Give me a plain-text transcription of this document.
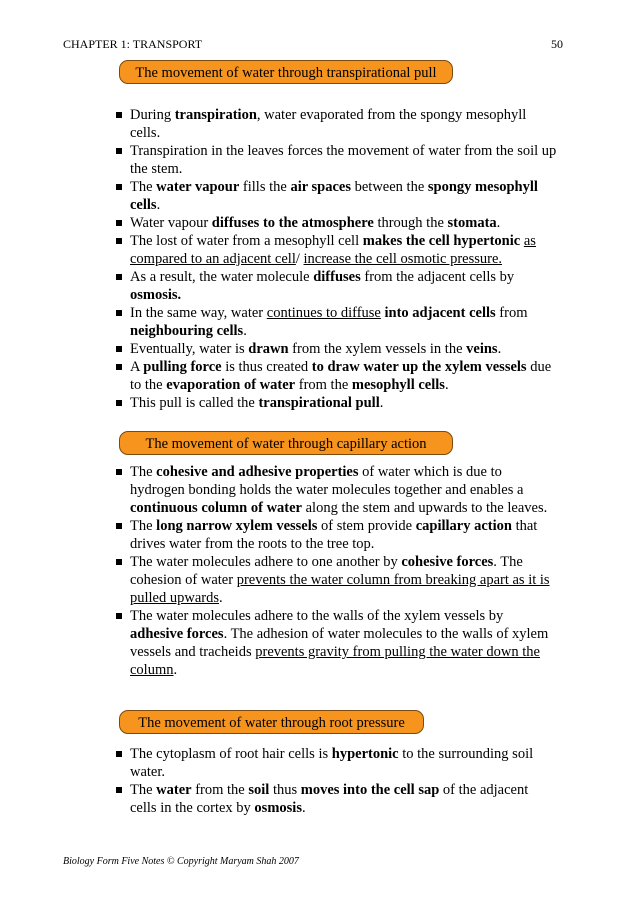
CHAPTER 1: TRANSPORT	50
The movement of water through transpirational pull
During transpiration, water evaporated from the spongy mesophyll cells.
Transpiration in the leaves forces the movement of water from the soil up the stem.
The water vapour fills the air spaces between the spongy mesophyll cells.
Water vapour diffuses to the atmosphere through the stomata.
The lost of water from a mesophyll cell makes the cell hypertonic as compared to an adjacent cell/ increase the cell osmotic pressure.
As a result, the water molecule diffuses from the adjacent cells by osmosis.
In the same way, water continues to diffuse into adjacent cells from neighbouring cells.
Eventually, water is drawn from the xylem vessels in the veins.
A pulling force is thus created to draw water up the xylem vessels due to the evaporation of water from the mesophyll cells.
This pull is called the transpirational pull.
The movement of water through capillary action
The cohesive and adhesive properties of water which is due to hydrogen bonding holds the water molecules together and enables a continuous column of water along the stem and upwards to the leaves.
The long narrow xylem vessels of stem provide capillary action that drives water from the roots to the tree top.
The water molecules adhere to one another by cohesive forces. The cohesion of water prevents the water column from breaking apart as it is pulled upwards.
The water molecules adhere to the walls of the xylem vessels by adhesive forces. The adhesion of water molecules to the walls of xylem vessels and tracheids prevents gravity from pulling the water down the column.
The movement of water through root pressure
The cytoplasm of root hair cells is hypertonic to the surrounding soil water.
The water from the soil thus moves into the cell sap of the adjacent cells in the cortex by osmosis.
Biology Form Five Notes © Copyright Maryam Shah 2007
